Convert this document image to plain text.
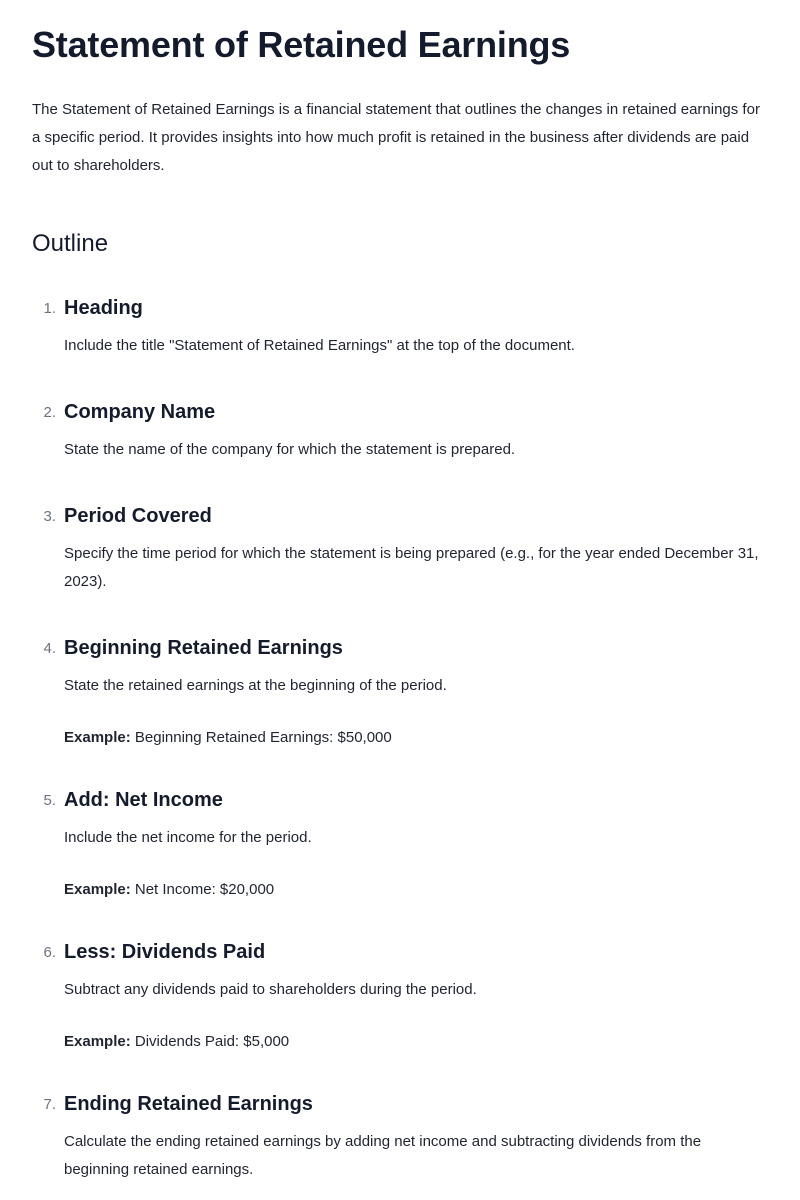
Statement of Retained Earnings

The Statement of Retained Earnings is a financial statement that outlines the changes in retained earnings for a specific period. It provides insights into how much profit is retained in the business after dividends are paid out to shareholders.

Outline
1. Heading

Include the title "Statement of Retained Earnings" at the top of the document.

2. Company Name

State the name of the company for which the statement is prepared.

3. Period Covered

Specify the time period for which the statement is being prepared (e.g., for the year ended December 31, 2023).

4. Beginning Retained Earnings

State the retained earnings at the beginning of the period.

Example: Beginning Retained Earnings: $50,000

5. Add: Net Income

Include the net income for the period.

Example: Net Income: $20,000

6. Less: Dividends Paid

Subtract any dividends paid to shareholders during the period.

Example: Dividends Paid: $5,000

7. Ending Retained Earnings

Calculate the ending retained earnings by adding net income and subtracting dividends from the beginning retained earnings.
